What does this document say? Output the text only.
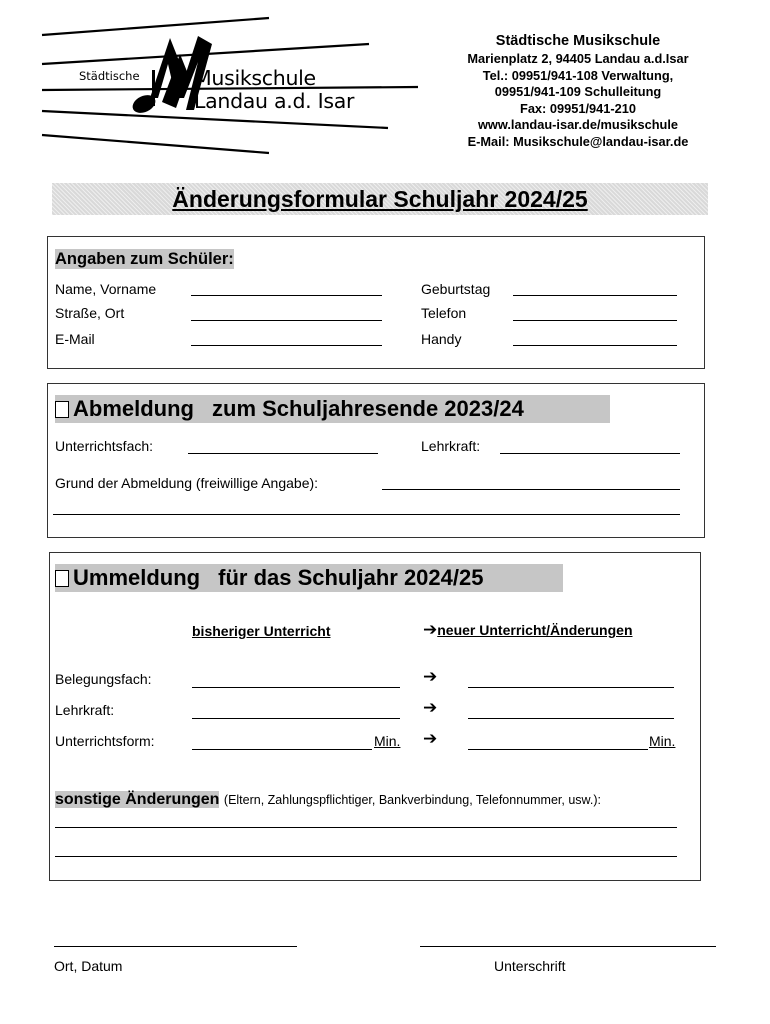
Städtische	Musikschule
Landau a.d. Isar
Städtische Musikschule
Marienplatz 2, 94405 Landau a.d.Isar
Tel.: 09951/941-108 Verwaltung,
09951/941-109 Schulleitung
Fax: 09951/941-210
www.landau-isar.de/musikschule
E-Mail: Musikschule@landau-isar.de
Änderungsformular Schuljahr 2024/25
Angaben zum Schüler:
Name, Vorname	Geburtstag
Straße, Ort	Telefon
E-Mail	Handy
Abmeldung zum Schuljahresende 2023/24
Unterrichtsfach:	Lehrkraft:
Grund der Abmeldung (freiwillige Angabe):
Ummeldung für das Schuljahr 2024/25
bisheriger Unterricht	➔neuer Unterricht/Änderungen
Belegungsfach:	➔
Lehrkraft:	➔
Unterrichtsform:	Min. ➔	Min.
sonstige Änderungen (Eltern, Zahlungspflichtiger, Bankverbindung, Telefonnummer, usw.):
Ort, Datum	Unterschrift
